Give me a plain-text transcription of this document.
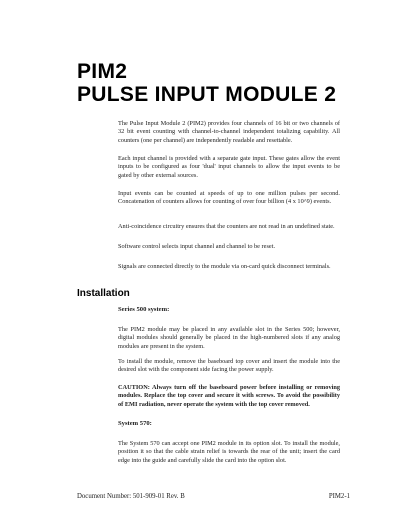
PIM2
PULSE INPUT MODULE 2

The Pulse Input Module 2 (PIM2) provides four channels of 16 bit or two channels of 32 bit event counting with channel-to-channel independent totalizing capability. All counters (one per channel) are independently readable and resettable.

Each input channel is provided with a separate gate input. These gates allow the event inputs to be configured as four 'dual' input channels to allow the input events to be gated by other external sources.

Input events can be counted at speeds of up to one million pulses per second. Concatenation of counters allows for counting of over four billion (4 x 10^9) events.

Anti-coincidence circuitry ensures that the counters are not read in an undefined state.

Software control selects input channel and channel to be reset.

Signals are connected directly to the module via on-card quick disconnect terminals.

Installation

Series 500 system:

The PIM2 module may be placed in any available slot in the Series 500; however, digital modules should generally be placed in the high-numbered slots if any analog modules are present in the system.

To install the module, remove the baseboard top cover and insert the module into the desired slot with the component side facing the power supply.

CAUTION: Always turn off the baseboard power before installing or removing modules. Replace the top cover and secure it with screws. To avoid the possibility of EMI radiation, never operate the system with the top cover removed.

System 570:

The System 570 can accept one PIM2 module in its option slot. To install the module, position it so that the cable strain relief is towards the rear of the unit; insert the card edge into the guide and carefully slide the card into the option slot.

Document Number: 501-909-01 Rev. B	PIM2-1
